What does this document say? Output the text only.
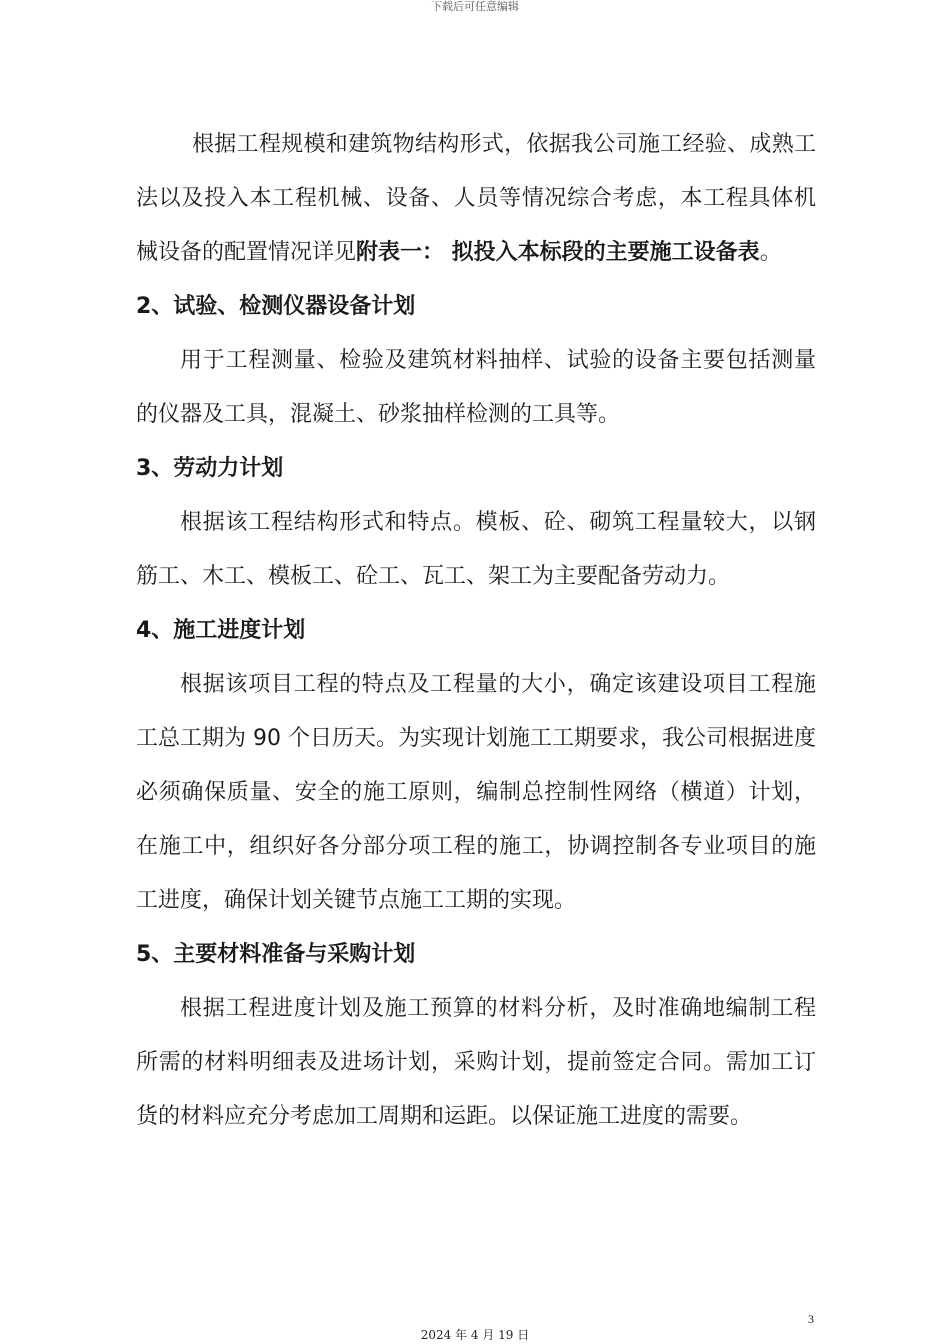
下载后可任意编辑

根据工程规模和建筑物结构形式，依据我公司施工经验、成熟工法以及投入本工程机械、设备、人员等情况综合考虑，本工程具体机械设备的配置情况详见附表一： 拟投入本标段的主要施工设备表。

2、试验、检测仪器设备计划

用于工程测量、检验及建筑材料抽样、试验的设备主要包括测量的仪器及工具，混凝土、砂浆抽样检测的工具等。

3、劳动力计划

根据该工程结构形式和特点。模板、砼、砌筑工程量较大，以钢筋工、木工、模板工、砼工、瓦工、架工为主要配备劳动力。

4、施工进度计划

根据该项目工程的特点及工程量的大小，确定该建设项目工程施工总工期为 90 个日历天。为实现计划施工工期要求，我公司根据进度必须确保质量、安全的施工原则，编制总控制性网络（横道）计划，在施工中，组织好各分部分项工程的施工，协调控制各专业项目的施工进度，确保计划关键节点施工工期的实现。

5、主要材料准备与采购计划

根据工程进度计划及施工预算的材料分析，及时准确地编制工程所需的材料明细表及进场计划，采购计划，提前签定合同。需加工订货的材料应充分考虑加工周期和运距。以保证施工进度的需要。

3
2024 年 4 月 19 日
